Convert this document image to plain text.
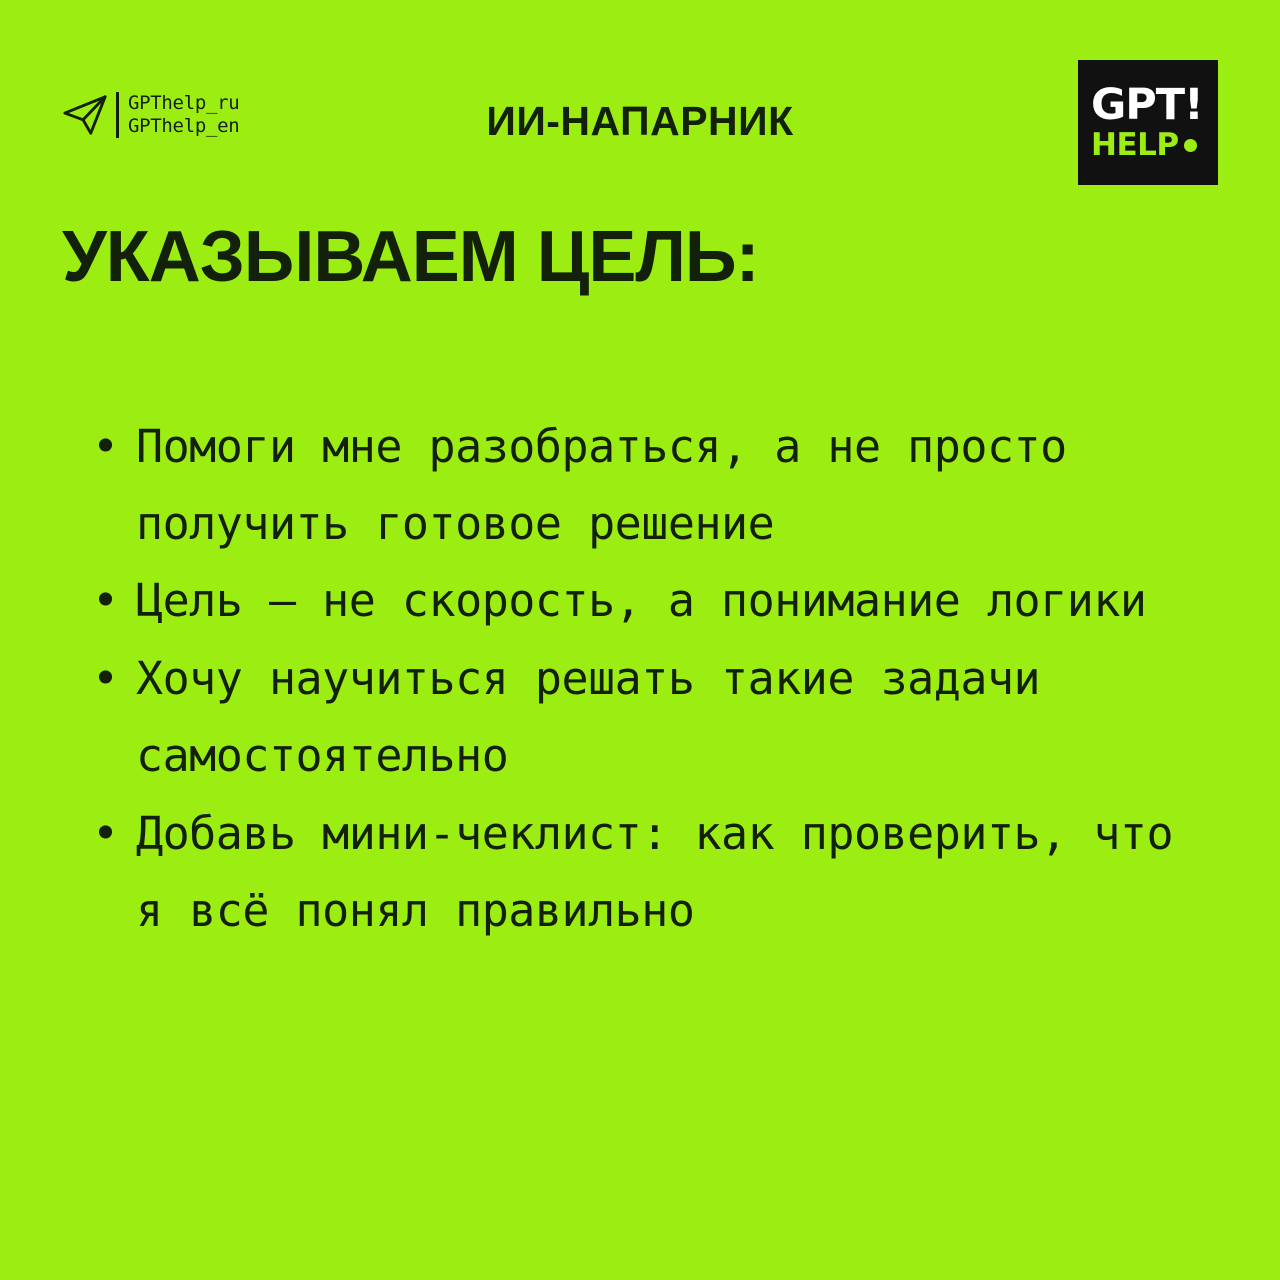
GPThelp_ru
GPThelp_en	ИИ-НАПАРНИК	GPT!
HELP
УКАЗЫВАЕМ ЦЕЛЬ:
• Помоги мне разобраться, а не просто получить готовое решение
• Цель — не скорость, а понимание логики
• Хочу научиться решать такие задачи самостоятельно
• Добавь мини-чеклист: как проверить, что я всё понял правильно
